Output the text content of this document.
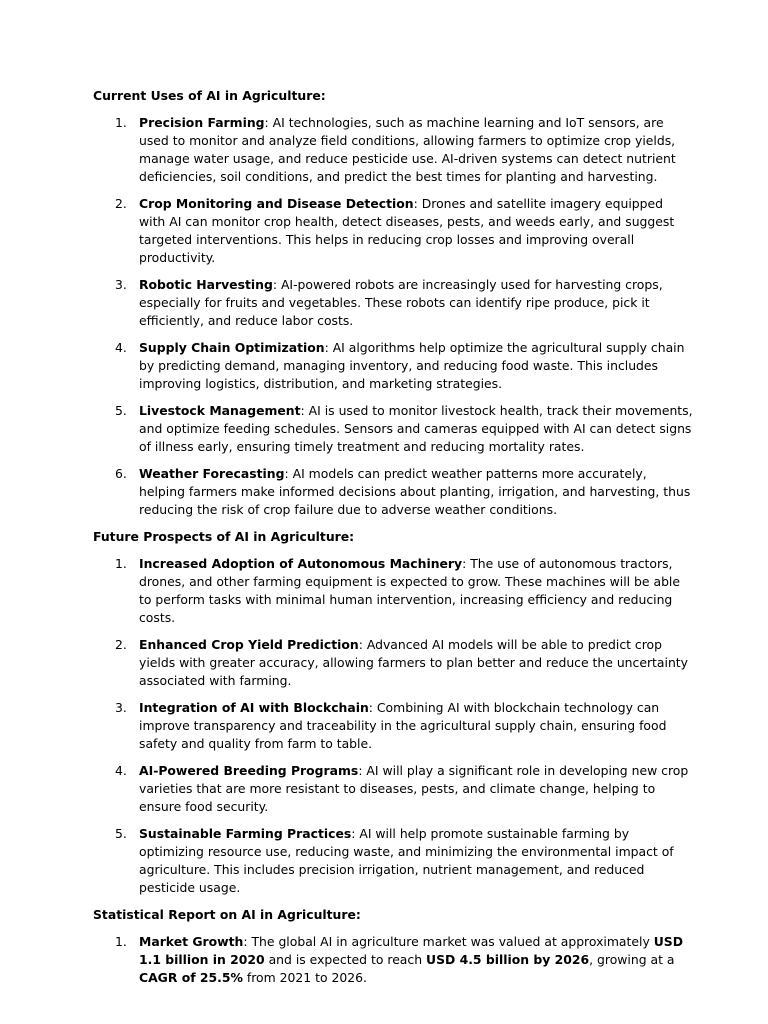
Current Uses of AI in Agriculture:
1. Precision Farming: AI technologies, such as machine learning and IoT sensors, are used to monitor and analyze field conditions, allowing farmers to optimize crop yields, manage water usage, and reduce pesticide use. AI-driven systems can detect nutrient deficiencies, soil conditions, and predict the best times for planting and harvesting.
2. Crop Monitoring and Disease Detection: Drones and satellite imagery equipped with AI can monitor crop health, detect diseases, pests, and weeds early, and suggest targeted interventions. This helps in reducing crop losses and improving overall productivity.
3. Robotic Harvesting: AI-powered robots are increasingly used for harvesting crops, especially for fruits and vegetables. These robots can identify ripe produce, pick it efficiently, and reduce labor costs.
4. Supply Chain Optimization: AI algorithms help optimize the agricultural supply chain by predicting demand, managing inventory, and reducing food waste. This includes improving logistics, distribution, and marketing strategies.
5. Livestock Management: AI is used to monitor livestock health, track their movements, and optimize feeding schedules. Sensors and cameras equipped with AI can detect signs of illness early, ensuring timely treatment and reducing mortality rates.
6. Weather Forecasting: AI models can predict weather patterns more accurately, helping farmers make informed decisions about planting, irrigation, and harvesting, thus reducing the risk of crop failure due to adverse weather conditions.
Future Prospects of AI in Agriculture:
1. Increased Adoption of Autonomous Machinery: The use of autonomous tractors, drones, and other farming equipment is expected to grow. These machines will be able to perform tasks with minimal human intervention, increasing efficiency and reducing costs.
2. Enhanced Crop Yield Prediction: Advanced AI models will be able to predict crop yields with greater accuracy, allowing farmers to plan better and reduce the uncertainty associated with farming.
3. Integration of AI with Blockchain: Combining AI with blockchain technology can improve transparency and traceability in the agricultural supply chain, ensuring food safety and quality from farm to table.
4. AI-Powered Breeding Programs: AI will play a significant role in developing new crop varieties that are more resistant to diseases, pests, and climate change, helping to ensure food security.
5. Sustainable Farming Practices: AI will help promote sustainable farming by optimizing resource use, reducing waste, and minimizing the environmental impact of agriculture. This includes precision irrigation, nutrient management, and reduced pesticide usage.
Statistical Report on AI in Agriculture:
1. Market Growth: The global AI in agriculture market was valued at approximately USD 1.1 billion in 2020 and is expected to reach USD 4.5 billion by 2026, growing at a CAGR of 25.5% from 2021 to 2026.
